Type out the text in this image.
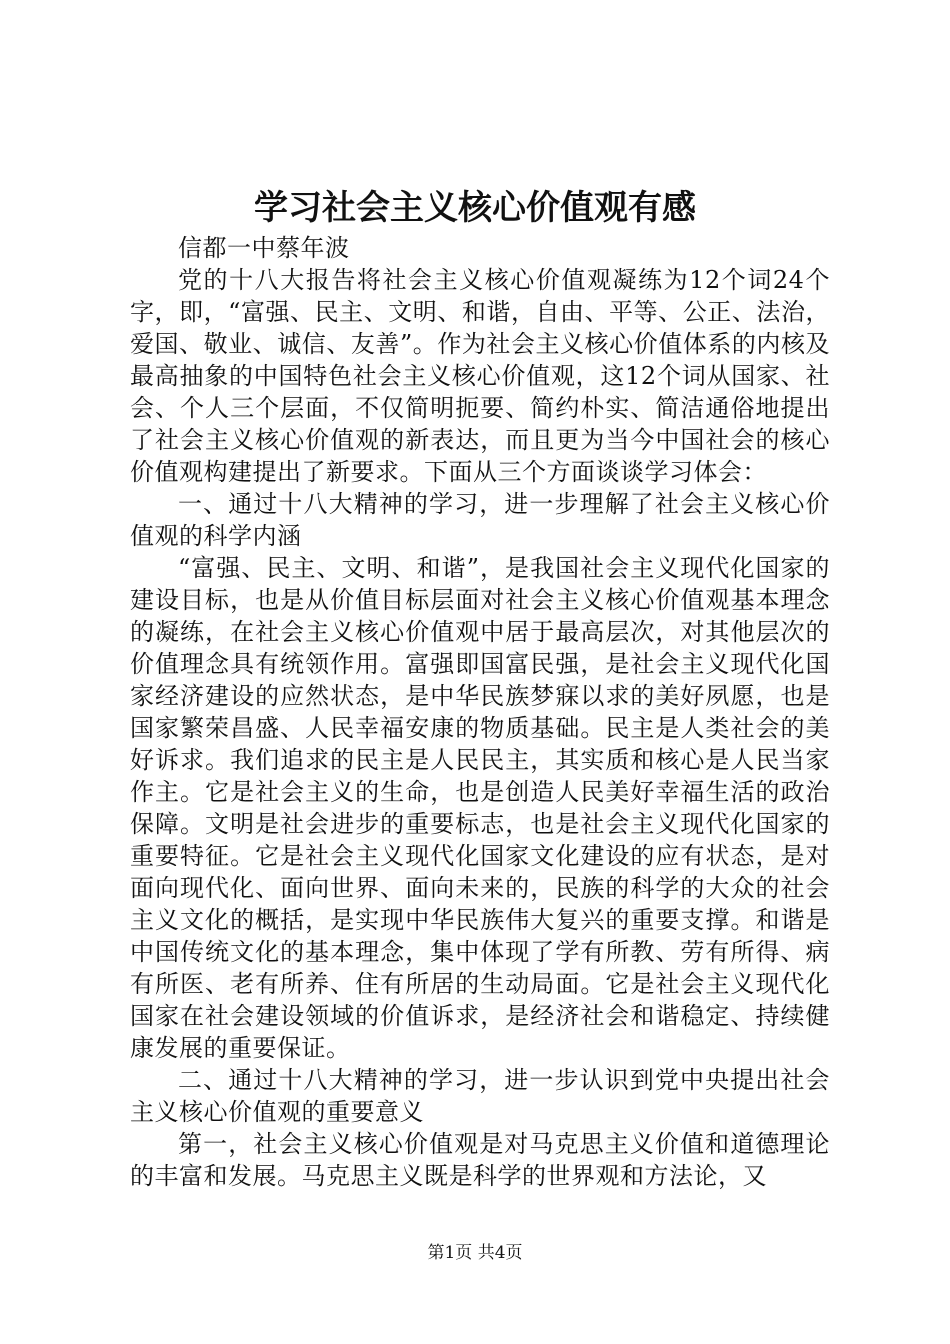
学习社会主义核心价值观有感

信都一中蔡年波

党的十八大报告将社会主义核心价值观凝练为12个词24个字，即，“富强、民主、文明、和谐，自由、平等、公正、法治，爱国、敬业、诚信、友善”。作为社会主义核心价值体系的内核及最高抽象的中国特色社会主义核心价值观，这12个词从国家、社会、个人三个层面，不仅简明扼要、简约朴实、简洁通俗地提出了社会主义核心价值观的新表达，而且更为当今中国社会的核心价值观构建提出了新要求。下面从三个方面谈谈学习体会：

一、通过十八大精神的学习，进一步理解了社会主义核心价值观的科学内涵

“富强、民主、文明、和谐”，是我国社会主义现代化国家的建设目标，也是从价值目标层面对社会主义核心价值观基本理念的凝练，在社会主义核心价值观中居于最高层次，对其他层次的价值理念具有统领作用。富强即国富民强，是社会主义现代化国家经济建设的应然状态，是中华民族梦寐以求的美好夙愿，也是国家繁荣昌盛、人民幸福安康的物质基础。民主是人类社会的美好诉求。我们追求的民主是人民民主，其实质和核心是人民当家作主。它是社会主义的生命，也是创造人民美好幸福生活的政治保障。文明是社会进步的重要标志，也是社会主义现代化国家的重要特征。它是社会主义现代化国家文化建设的应有状态，是对面向现代化、面向世界、面向未来的，民族的科学的大众的社会主义文化的概括，是实现中华民族伟大复兴的重要支撑。和谐是中国传统文化的基本理念，集中体现了学有所教、劳有所得、病有所医、老有所养、住有所居的生动局面。它是社会主义现代化国家在社会建设领域的价值诉求，是经济社会和谐稳定、持续健康发展的重要保证。

二、通过十八大精神的学习，进一步认识到党中央提出社会主义核心价值观的重要意义

第一，社会主义核心价值观是对马克思主义价值和道德理论的丰富和发展。马克思主义既是科学的世界观和方法论，又

第1页 共4页
